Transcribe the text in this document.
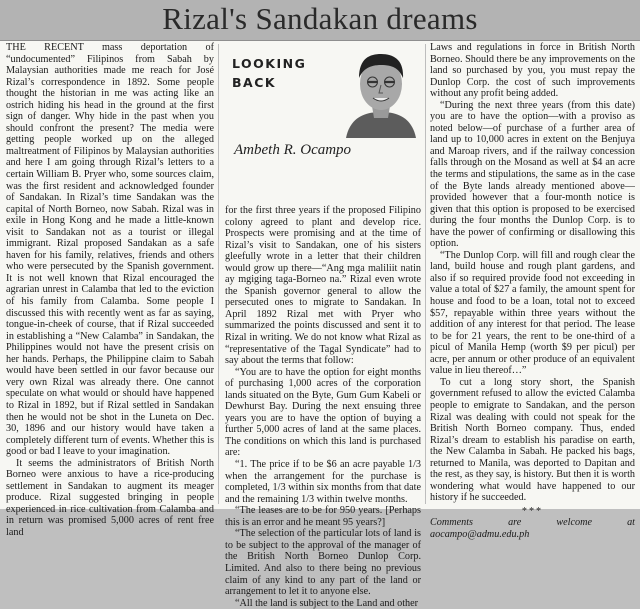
Rizal's Sandakan dreams

THE RECENT mass deportation of “undocumented” Filipinos from Sabah by Malaysian authorities made me reach for José Rizal’s correspondence in 1892. Some people thought the historian in me was acting like an ostrich hiding his head in the ground at the first sign of danger. Why hide in the past when you should confront the present? The media were getting people worked up on the alleged maltreatment of Filipinos by Malaysian authorities and here I am going through Rizal’s letters to a certain William B. Pryer who, some sources claim, was the first resident and acknowledged founder of Sandakan. In Rizal’s time Sandakan was the capital of North Borneo, now Sabah. Rizal was in exile in Hong Kong and he made a little-known visit to Sandakan not as a tourist or illegal immigrant. Rizal proposed Sandakan as a safe haven for his family, relatives, friends and others who were persecuted by the Spanish government. It is not well known that Rizal encouraged the agrarian unrest in Calamba that led to the eviction of his family from Calamba. Some people I discussed this with recently went as far as saying, tongue-in-cheek of course, that if Rizal succeeded in establishing a “New Calamba” in Sandakan, the Philippines would not have the present crisis on her hands. Perhaps, the Philippine claim to Sabah would have been settled in our favor because our very own Rizal was already there. One cannot speculate on what would or should have happened to Rizal in 1892, but if Rizal settled in Sandakan then he would not be shot in the Luneta on Dec. 30, 1896 and our history would have taken a completely different turn of events. Whether this is good or bad I leave to your imagination.

It seems the administrators of British North Borneo were anxious to have a rice-producing settlement in Sandakan to augment its meager produce. Rizal suggested bringing in people experienced in rice cultivation from Calamba and in return was promised 5,000 acres of rent free land

LOOKING
BACK
Ambeth R. Ocampo

for the first three years if the proposed Filipino colony agreed to plant and develop rice. Prospects were promising and at the time of Rizal’s visit to Sandakan, one of his sisters gleefully wrote in a letter that their children would grow up there—“Ang mga maliliit natin ay mgiging taga-Borneo na.” Rizal even wrote the Spanish governor general to allow the persecuted ones to migrate to Sandakan. In April 1892 Rizal met with Pryer who summarized the points discussed and sent it to Rizal in writing. We do not know what Rizal as “representative of the Tagal Syndicate” had to say about the terms that follow:

“You are to have the option for eight months of purchasing 1,000 acres of the corporation lands situated on the Byte, Gum Gum Kabeli or Dewhurst Bay. During the next ensuing three years you are to have the option of buying a further 5,000 acres of land at the same places. The conditions on which this land is purchased are:

“1. The price if to be $6 an acre payable 1/3 when the arrangement for the purchase is completed, 1/3 within six months from that date and the remaining 1/3 within twelve months.

“The leases are to be for 950 years. [Perhaps this is an error and he meant 95 years?]

“The selection of the particular lots of land is to be subject to the approval of the manager of the British North Borneo Dunlop Corp. Limited. And also to there being no previous claim of any kind to any part of the land or arrangement to let it to anyone else.

“All the land is subject to the Land and other

Laws and regulations in force in British North Borneo. Should there be any improvements on the land so purchased by you, you must repay the Dunlop Corp. the cost of such improvements without any profit being added.

“During the next three years (from this date) you are to have the option—with a proviso as noted below—of purchase of a further area of land up to 10,000 acres in extent on the Benjuya and Maroap rivers, and if the railway concession falls through on the Mosand as well at $4 an acre the terms and stipulations, the same as in the case of the Byte lands already mentioned above—provided however that a four-month notice is given that this option is proposed to be exercised during the four months the Dunlop Corp. is to have the power of confirming or disallowing this option.

“The Dunlop Corp. will fill and rough clear the land, build house and rough plant gardens, and also if so required provide food not exceeding in value a total of $27 a family, the amount spent for house and food to be a loan, total not to exceed $57, repayable within three years without the addition of any interest for that period. The lease to be for 21 years, the rent to be one-third of a picul of Manila Hemp (worth $9 per picul) per acre, per annum or other produce of an equivalent value in lieu thereof…”

To cut a long story short, the Spanish government refused to allow the evicted Calamba people to emigrate to Sandakan, and the person Rizal was dealing with could not speak for the British North Borneo company. Thus, ended Rizal’s dream to establish his paradise on earth, the New Calamba in Sabah. He packed his bags, returned to Manila, was deported to Dapitan and the rest, as they say, is history. But then it is worth wondering what would have happened to our history if he succeeded.

***

Comments are welcome at aocampo@admu.edu.ph
